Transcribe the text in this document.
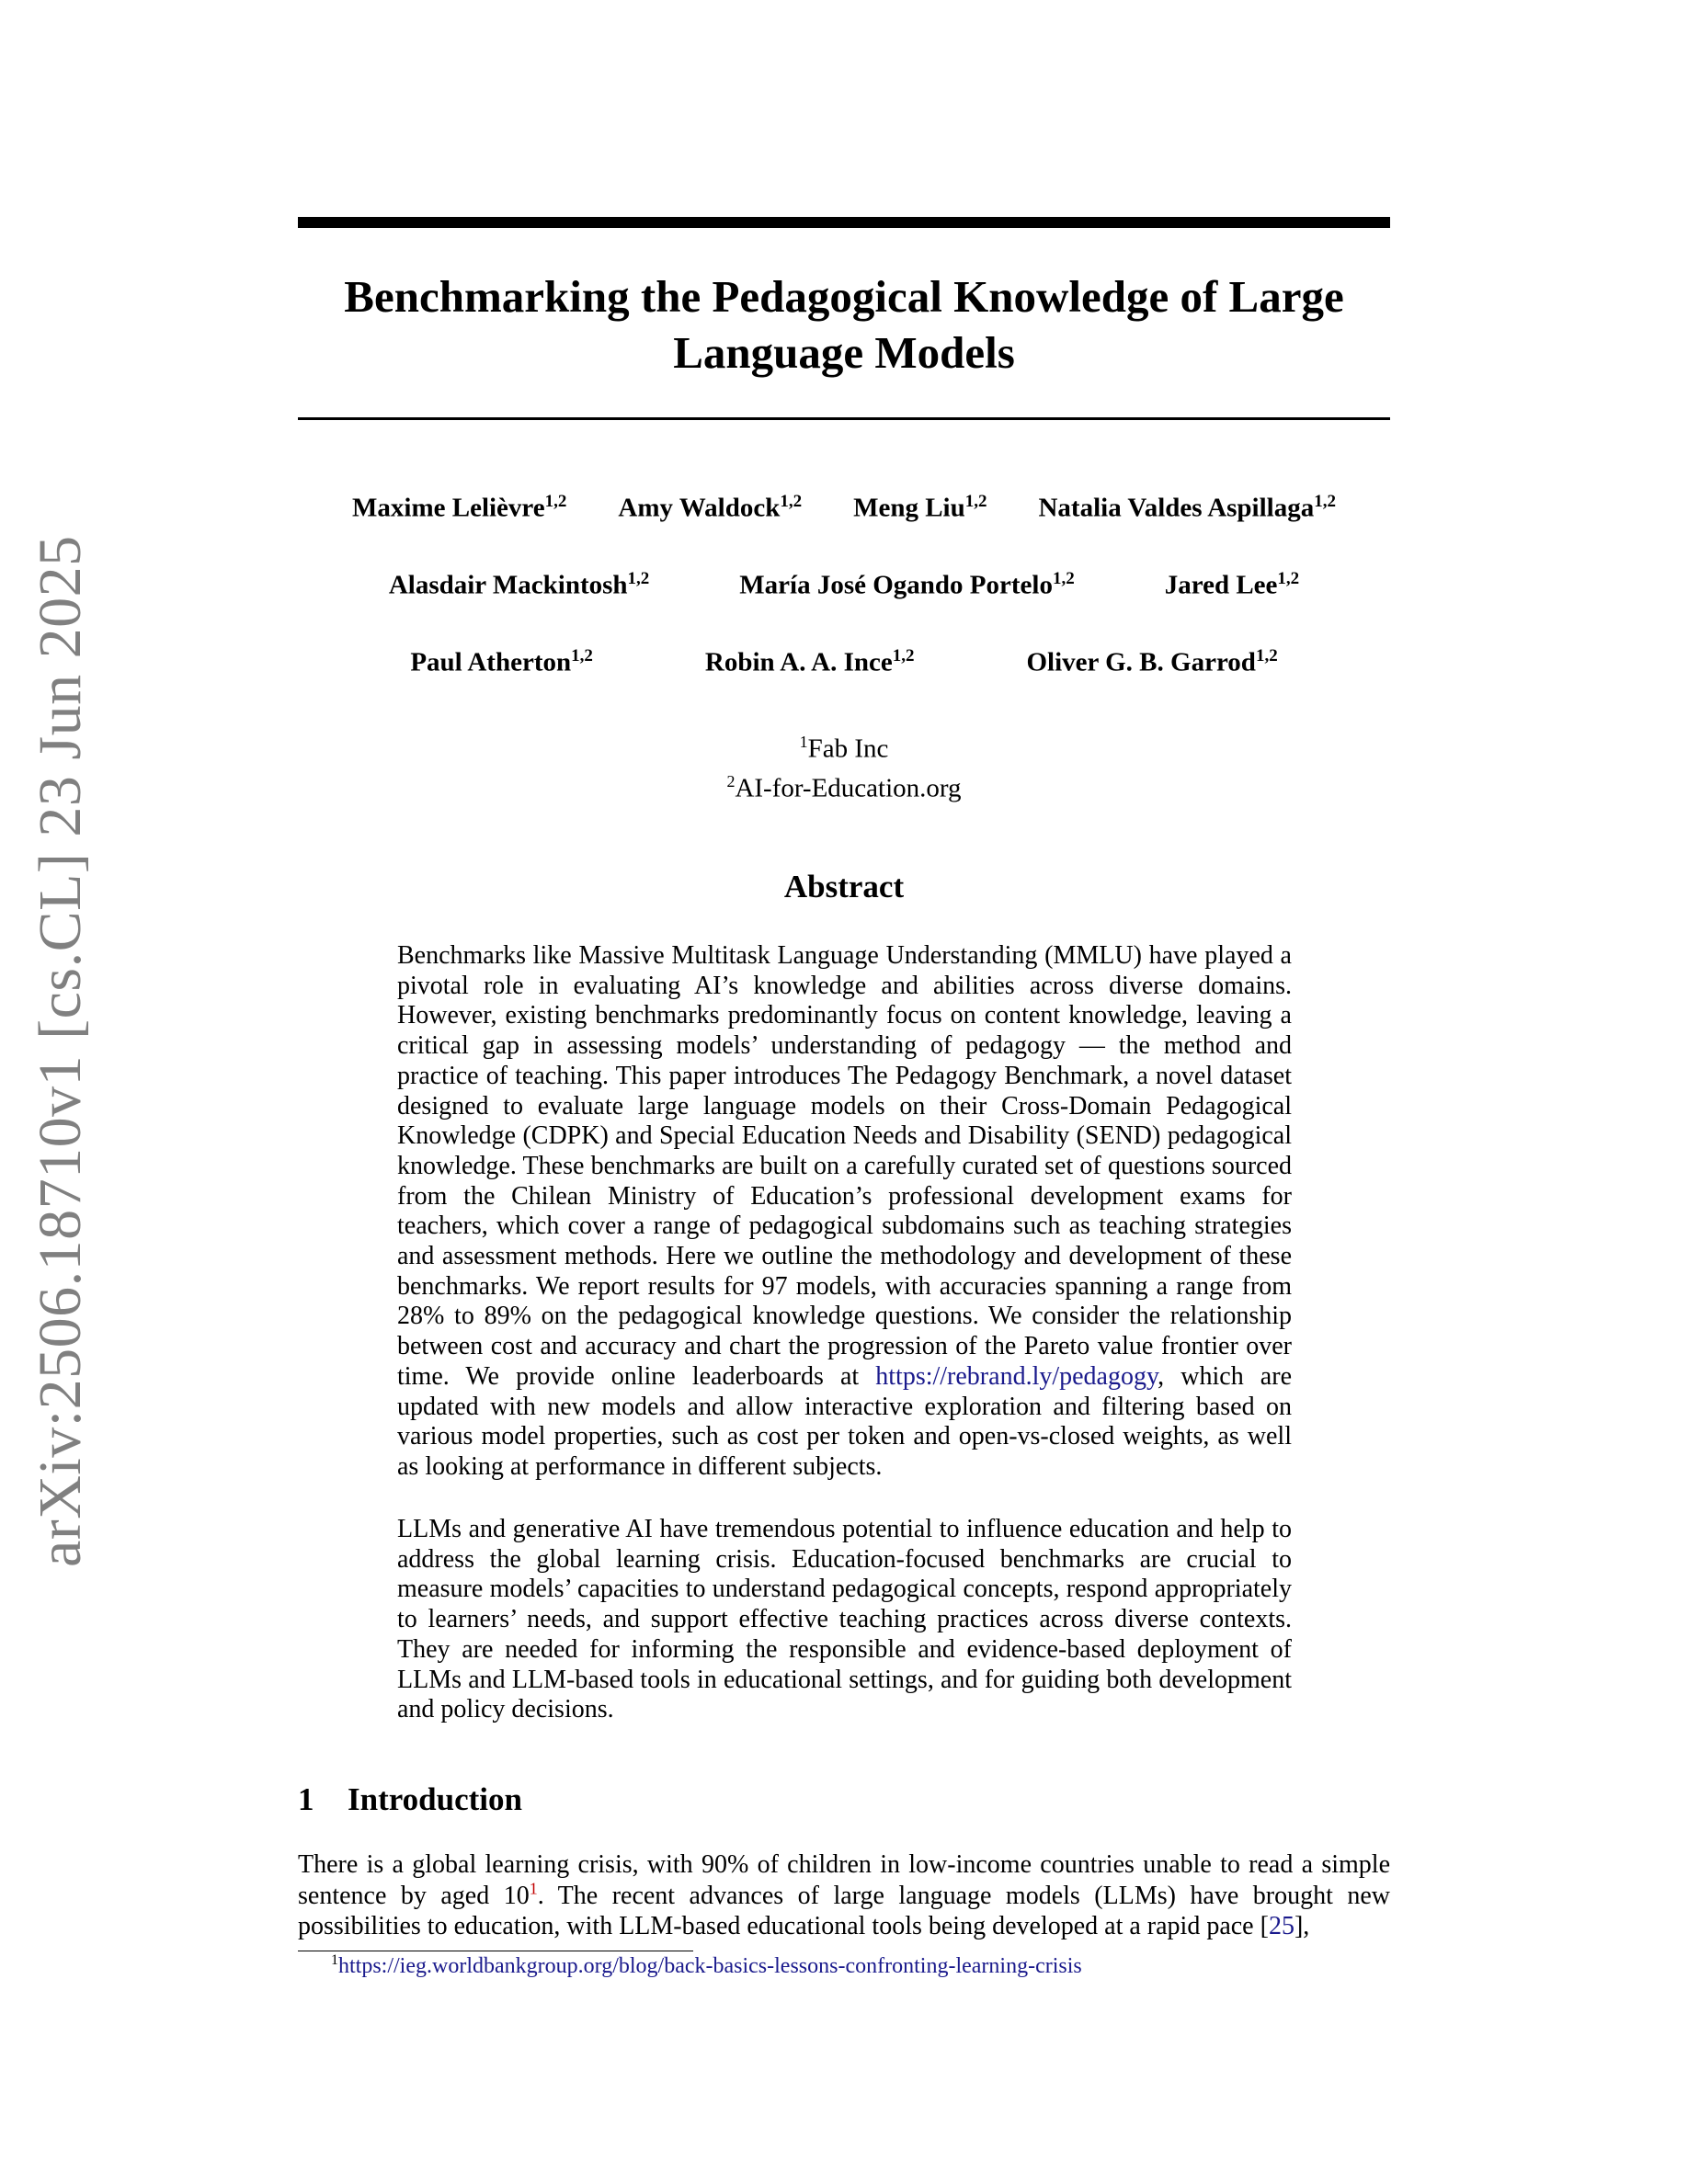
arXiv:2506.18710v1 [cs.CL] 23 Jun 2025
Benchmarking the Pedagogical Knowledge of Large
Language Models
Maxime Lelièvre$^{1,2}$ Amy Waldock$^{1,2}$ Meng Liu$^{1,2}$ Natalia Valdes Aspillaga$^{1,2}$
Alasdair Mackintosh$^{1,2}$	María José Ogando Portelo$^{1,2}$	Jared Lee$^{1,2}$
Paul Atherton$^{1,2}$	Robin A. A. Ince$^{1,2}$	Oliver G. B. Garrod$^{1,2}$
$^1$Fab Inc
$^2$AI-for-Education.org
Abstract
Benchmarks like Massive Multitask Language Understanding (MMLU) have played a pivotal role in evaluating AI’s knowledge and abilities across diverse domains. However, existing benchmarks predominantly focus on content knowledge, leaving a critical gap in assessing models’ understanding of pedagogy — the method and practice of teaching. This paper introduces The Pedagogy Benchmark, a novel dataset designed to evaluate large language models on their Cross-Domain Pedagogical Knowledge (CDPK) and Special Education Needs and Disability (SEND) pedagogical knowledge. These benchmarks are built on a carefully curated set of questions sourced from the Chilean Ministry of Education’s professional development exams for teachers, which cover a range of pedagogical subdomains such as teaching strategies and assessment methods. Here we outline the methodology and development of these benchmarks. We report results for 97 models, with accuracies spanning a range from 28% to 89% on the pedagogical knowledge questions. We consider the relationship between cost and accuracy and chart the progression of the Pareto value frontier over time. We provide online leaderboards at https://rebrand.ly/pedagogy, which are updated with new models and allow interactive exploration and filtering based on various model properties, such as cost per token and open-vs-closed weights, as well as looking at performance in different subjects.
LLMs and generative AI have tremendous potential to influence education and help to address the global learning crisis. Education-focused benchmarks are crucial to measure models’ capacities to understand pedagogical concepts, respond appropriately to learners’ needs, and support effective teaching practices across diverse contexts. They are needed for informing the responsible and evidence-based deployment of LLMs and LLM-based tools in educational settings, and for guiding both development and policy decisions.
1 Introduction
There is a global learning crisis, with 90% of children in low-income countries unable to read a simple sentence by aged 10$^1$. The recent advances of large language models (LLMs) have brought new possibilities to education, with LLM-based educational tools being developed at a rapid pace [25],
$^1$https://ieg.worldbankgroup.org/blog/back-basics-lessons-confronting-learning-crisis
